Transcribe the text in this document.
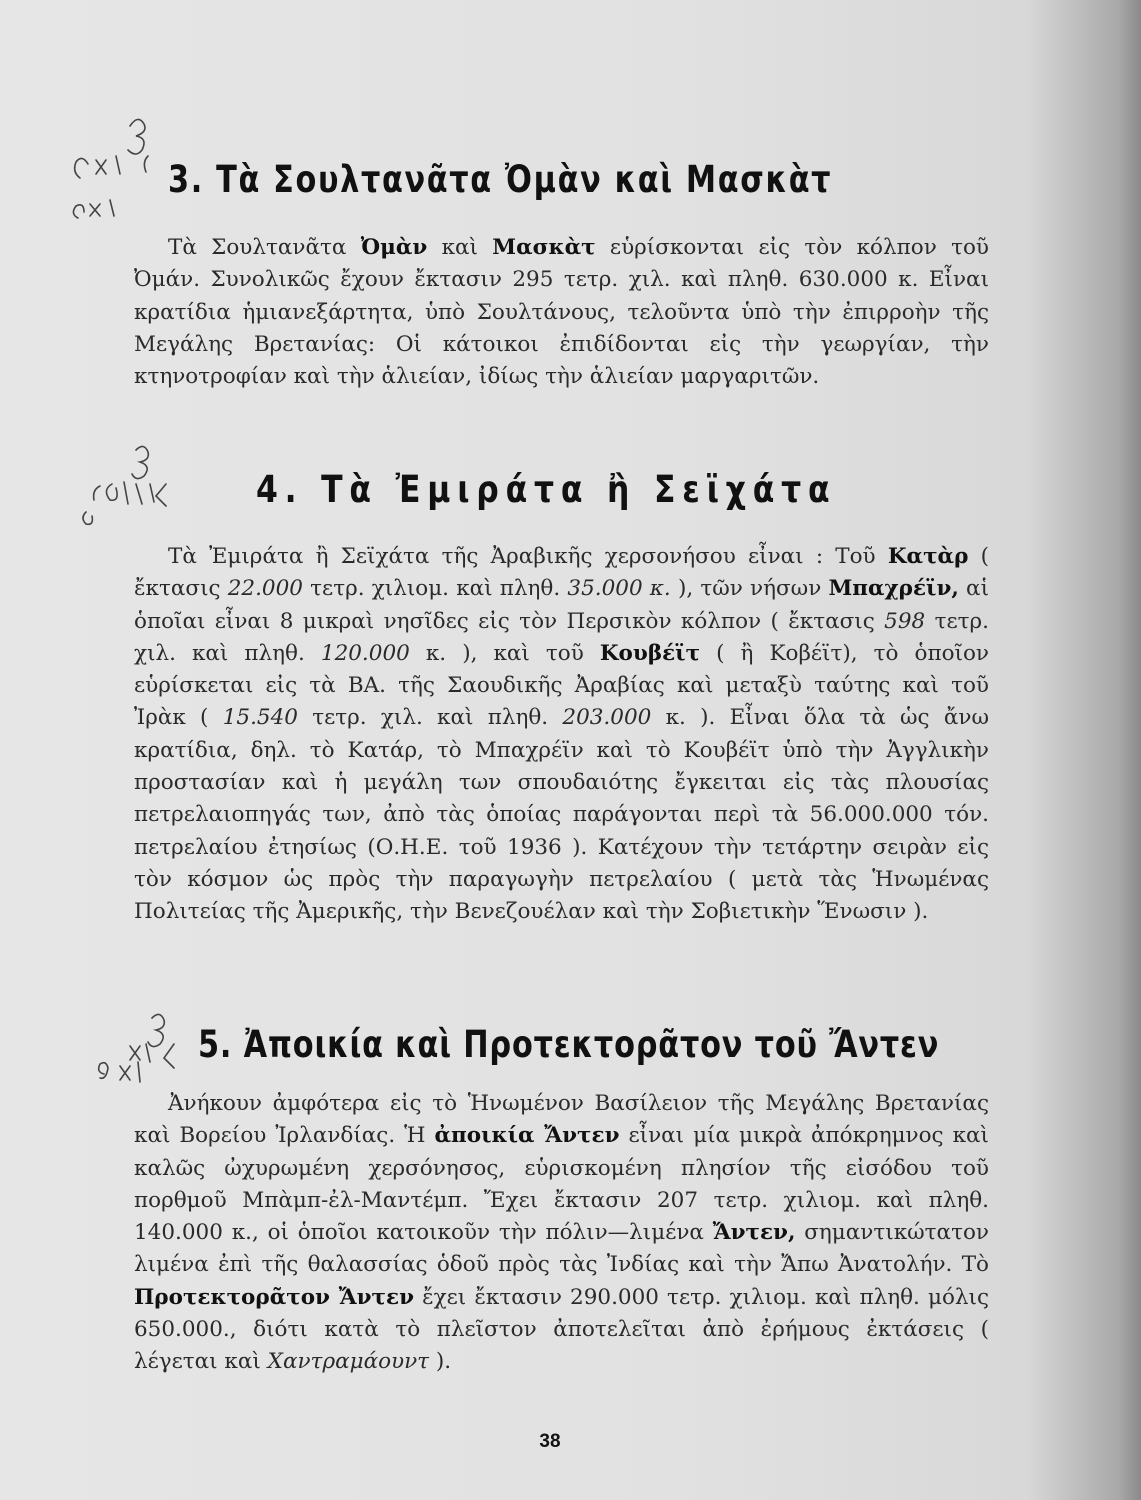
3. Τὰ Σουλτανᾶτα Ὀμὰν καὶ Μασκὰτ

Τὰ Σουλτανᾶτα Ὀμὰν καὶ Μασκὰτ εὑρίσκονται εἰς τὸν κόλπον τοῦ Ὀμάν. Συνολικῶς ἔχουν ἔκτασιν 295 τετρ. χιλ. καὶ πληθ. 630.000 κ. Εἶναι κρατίδια ἡμιανεξάρτητα, ὑπὸ Σουλτάνους, τελοῦντα ὑπὸ τὴν ἐπιρροὴν τῆς Μεγάλης Βρετανίας: Οἱ κάτοικοι ἐπιδίδονται εἰς τὴν γεωργίαν, τὴν κτηνοτροφίαν καὶ τὴν ἁλιείαν, ἰδίως τὴν ἁλιείαν μαργαριτῶν.

4. Τὰ Ἐμιράτα ἢ Σεϊχάτα

Τὰ Ἐμιράτα ἢ Σεϊχάτα τῆς Ἀραβικῆς χερσονήσου εἶναι : Τοῦ Κατὰρ ( ἔκτασις 22.000 τετρ. χιλιομ. καὶ πληθ. 35.000 κ. ), τῶν νήσων Μπαχρέϊν, αἱ ὁποῖαι εἶναι 8 μικραὶ νησῖδες εἰς τὸν Περσικὸν κόλπον ( ἔκτασις 598 τετρ. χιλ. καὶ πληθ. 120.000 κ. ), καὶ τοῦ Κουβέϊτ ( ἢ Κοβέϊτ), τὸ ὁποῖον εὑρίσκεται εἰς τὰ ΒΑ. τῆς Σαουδικῆς Ἀραβίας καὶ μεταξὺ ταύτης καὶ τοῦ Ἰρὰκ ( 15.540 τετρ. χιλ. καὶ πληθ. 203.000 κ. ). Εἶναι ὅλα τὰ ὡς ἄνω κρατίδια, δηλ. τὸ Κατάρ, τὸ Μπαχρέϊν καὶ τὸ Κουβέϊτ ὑπὸ τὴν Ἀγγλικὴν προστασίαν καὶ ἡ μεγάλη των σπουδαιότης ἔγκειται εἰς τὰς πλουσίας πετρελαιοπηγάς των, ἀπὸ τὰς ὁποίας παράγονται περὶ τὰ 56.000.000 τόν. πετρελαίου ἐτησίως (Ο.Η.Ε. τοῦ 1936 ). Κατέχουν τὴν τετάρτην σειρὰν εἰς τὸν κόσμον ὡς πρὸς τὴν παραγωγὴν πετρελαίου ( μετὰ τὰς Ἡνωμένας Πολιτείας τῆς Ἀμερικῆς, τὴν Βενεζουέλαν καὶ τὴν Σοβιετικὴν Ἕνωσιν ).

5. Ἀποικία καὶ Προτεκτορᾶτον τοῦ Ἄντεν

Ἀνήκουν ἀμφότερα εἰς τὸ Ἡνωμένον Βασίλειον τῆς Μεγάλης Βρετανίας καὶ Βορείου Ἰρλανδίας. Ἡ ἀποικία Ἄντεν εἶναι μία μικρὰ ἀπόκρημνος καὶ καλῶς ὠχυρωμένη χερσόνησος, εὑρισκομένη πλησίον τῆς εἰσόδου τοῦ πορθμοῦ Μπὰμπ-ἐλ-Μαντέμπ. Ἔχει ἔκτασιν 207 τετρ. χιλιομ. καὶ πληθ. 140.000 κ., οἱ ὁποῖοι κατοικοῦν τὴν πόλιν—λιμένα Ἄντεν, σημαντικώτατον λιμένα ἐπὶ τῆς θαλασσίας ὁδοῦ πρὸς τὰς Ἰνδίας καὶ τὴν Ἄπω Ἀνατολήν. Τὸ Προτεκτορᾶτον Ἄντεν ἔχει ἔκτασιν 290.000 τετρ. χιλιομ. καὶ πληθ. μόλις 650.000., διότι κατὰ τὸ πλεῖστον ἀποτελεῖται ἀπὸ ἐρήμους ἐκτάσεις ( λέγεται καὶ Χαντραμάουντ ).

38
